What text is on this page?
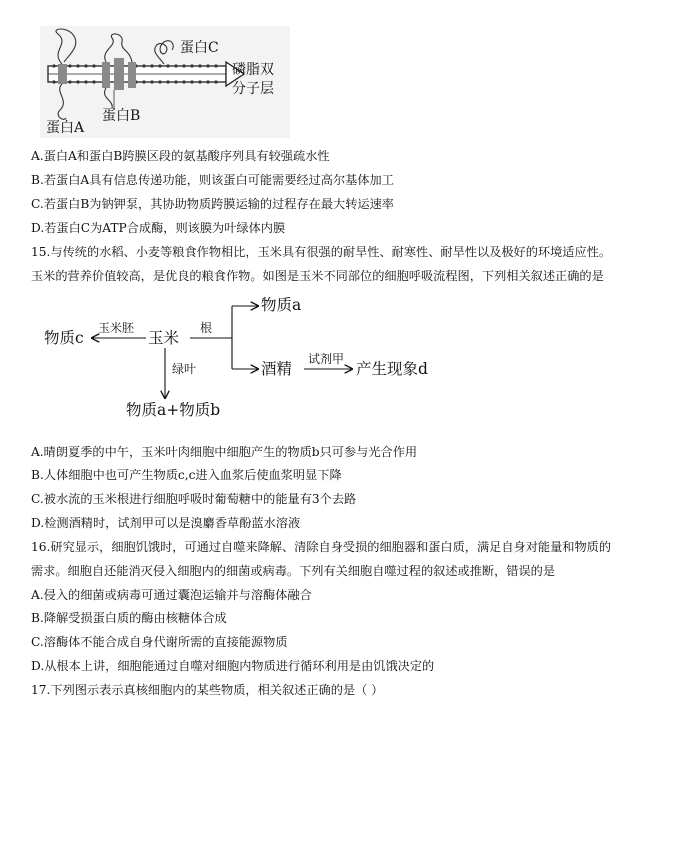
蛋白C
磷脂双
分子层
蛋白B
蛋白A
A.蛋白A和蛋白B跨膜区段的氨基酸序列具有较强疏水性
B.若蛋白A具有信息传递功能，则该蛋白可能需要经过高尔基体加工
C.若蛋白B为钠钾泵，其协助物质跨膜运输的过程存在最大转运速率
D.若蛋白C为ATP合成酶，则该膜为叶绿体内膜
15.与传统的水稻、小麦等粮食作物相比，玉米具有很强的耐旱性、耐寒性、耐旱性以及极好的环境适应性。
玉米的营养价值较高，是优良的粮食作物。如图是玉米不同部位的细胞呼吸流程图，下列相关叙述正确的是
物质a
根
玉米胚
物质c	玉米
绿叶	酒精
试剂甲
产生现象d
物质a+物质b
A.晴朗夏季的中午，玉米叶肉细胞中细胞产生的物质b只可参与光合作用
B.人体细胞中也可产生物质c,c进入血浆后使血浆明显下降
C.被水流的玉米根进行细胞呼吸时葡萄糖中的能量有3个去路
D.检测酒精时，试剂甲可以是溴麝香草酚蓝水溶液
16.研究显示，细胞饥饿时，可通过自噬来降解、清除自身受损的细胞器和蛋白质，满足自身对能量和物质的
需求。细胞自还能消灭侵入细胞内的细菌或病毒。下列有关细胞自噬过程的叙述或推断，错误的是
A.侵入的细菌或病毒可通过囊泡运输并与溶酶体融合
B.降解受损蛋白质的酶由核糖体合成
C.溶酶体不能合成自身代谢所需的直接能源物质
D.从根本上讲，细胞能通过自噬对细胞内物质进行循环利用是由饥饿决定的
17.下列图示表示真核细胞内的某些物质，相关叙述正确的是（ ）
